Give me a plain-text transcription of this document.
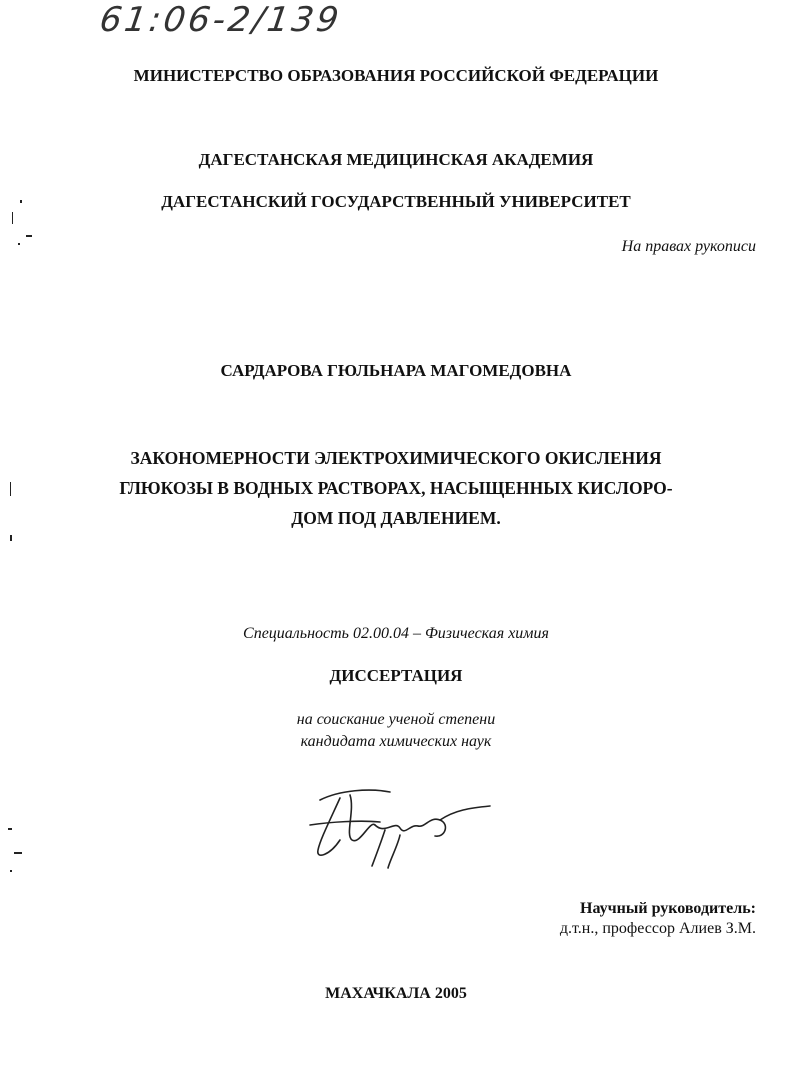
61:06-2/139
МИНИСТЕРСТВО ОБРАЗОВАНИЯ РОССИЙСКОЙ ФЕДЕРАЦИИ
ДАГЕСТАНСКАЯ МЕДИЦИНСКАЯ АКАДЕМИЯ
ДАГЕСТАНСКИЙ ГОСУДАРСТВЕННЫЙ УНИВЕРСИТЕТ
На правах рукописи
САРДАРОВА ГЮЛЬНАРА МАГОМЕДОВНА
ЗАКОНОМЕРНОСТИ ЭЛЕКТРОХИМИЧЕСКОГО ОКИСЛЕНИЯ
ГЛЮКОЗЫ В ВОДНЫХ РАСТВОРАХ, НАСЫЩЕННЫХ КИСЛОРО-
ДОМ ПОД ДАВЛЕНИЕМ.
Специальность 02.00.04 – Физическая химия
ДИССЕРТАЦИЯ
на соискание ученой степени
кандидата химических наук
Научный руководитель:
д.т.н., профессор Алиев З.М.
МАХАЧКАЛА 2005
